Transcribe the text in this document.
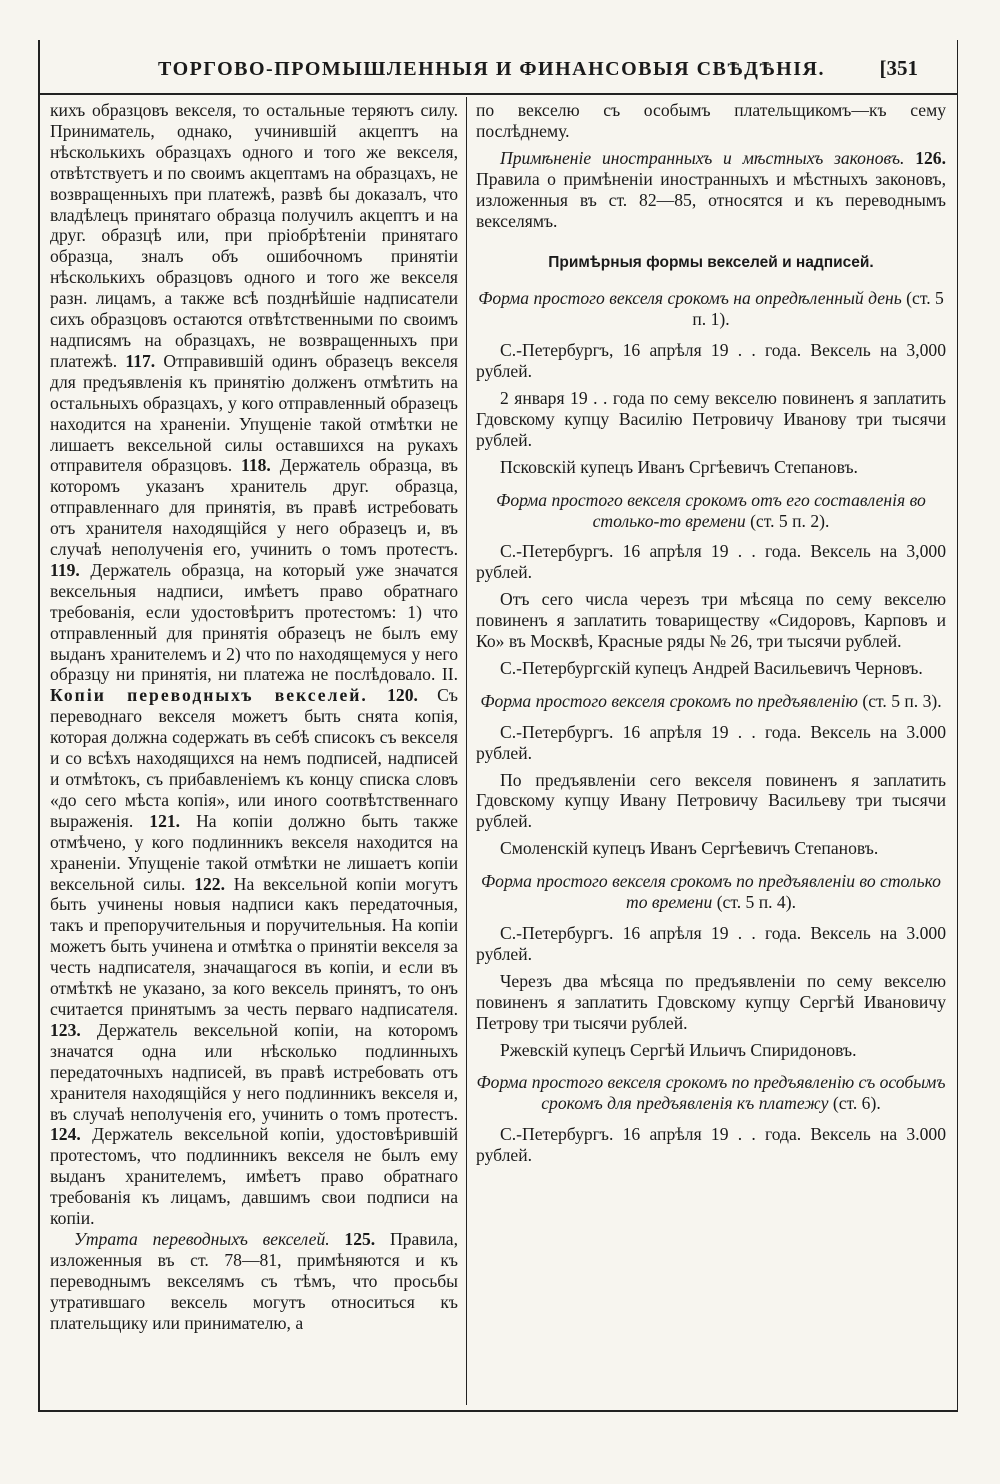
ТОРГОВО-ПРОМЫШЛЕННЫЯ И ФИНАНСОВЫЯ СВѢДѢНІЯ.	[351

кихъ образцовъ векселя, то остальные теряютъ силу. Приниматель, однако, учинившій акцептъ на нѣсколькихъ образцахъ одного и того же векселя, отвѣтствуетъ и по своимъ акцептамъ на образцахъ, не возвращенныхъ при платежѣ, развѣ бы доказалъ, что владѣлецъ принятаго образца получилъ акцептъ и на друг. образцѣ или, при пріобрѣтеніи принятаго образца, зналъ объ ошибочномъ принятіи нѣсколькихъ образцовъ одного и того же векселя разн. лицамъ, а также всѣ позднѣйшіе надписатели сихъ образцовъ остаются отвѣтственными по своимъ надписямъ на образцахъ, не возвращенныхъ при платежѣ. 117. Отправившій одинъ образецъ векселя для предъявленія къ принятію долженъ отмѣтить на остальныхъ образцахъ, у кого отправленный образецъ находится на храненіи. Упущеніе такой отмѣтки не лишаетъ вексельной силы оставшихся на рукахъ отправителя образцовъ. 118. Держатель образца, въ которомъ указанъ хранитель друг. образца, отправленнаго для принятія, въ правѣ истребовать отъ хранителя находящійся у него образецъ и, въ случаѣ неполученія его, учинить о томъ протестъ. 119. Держатель образца, на который уже значатся вексельныя надписи, имѣетъ право обратнаго требованія, если удостовѣритъ протестомъ: 1) что отправленный для принятія образецъ не былъ ему выданъ хранителемъ и 2) что по находящемуся у него образцу ни принятія, ни платежа не послѣдовало. II. Копіи переводныхъ векселей. 120. Съ переводнаго векселя можетъ быть снята копія, которая должна содержать въ себѣ списокъ съ векселя и со всѣхъ находящихся на немъ подписей, надписей и отмѣтокъ, съ прибавленіемъ къ концу списка словъ «до сего мѣста копія», или иного соотвѣтственнаго выраженія. 121. На копіи должно быть также отмѣчено, у кого подлинникъ векселя находится на храненіи. Упущеніе такой отмѣтки не лишаетъ копіи вексельной силы. 122. На вексельной копіи могутъ быть учинены новыя надписи какъ передаточныя, такъ и препоручительныя и поручительныя. На копіи можетъ быть учинена и отмѣтка о принятіи векселя за честь надписателя, значащагося въ копіи, и если въ отмѣткѣ не указано, за кого вексель принятъ, то онъ считается принятымъ за честь перваго надписателя. 123. Держатель вексельной копіи, на которомъ значатся одна или нѣсколько подлинныхъ передаточныхъ надписей, въ правѣ истребовать отъ хранителя находящійся у него подлинникъ векселя и, въ случаѣ неполученія его, учинить о томъ протестъ. 124. Держатель вексельной копіи, удостовѣрившій протестомъ, что подлинникъ векселя не былъ ему выданъ хранителемъ, имѣетъ право обратнаго требованія къ лицамъ, давшимъ свои подписи на копіи.

Утрата переводныхъ векселей. 125. Правила, изложенныя въ ст. 78—81, примѣняются и къ переводнымъ векселямъ съ тѣмъ, что просьбы утратившаго вексель могутъ относиться къ плательщику или принимателю, а

по векселю съ особымъ плательщикомъ—къ сему послѣднему.

Примѣненіе иностранныхъ и мѣстныхъ законовъ. 126. Правила о примѣненіи иностранныхъ и мѣстныхъ законовъ, изложенныя въ ст. 82—85, относятся и къ переводнымъ векселямъ.

Примѣрныя формы векселей и надписей.

Форма простого векселя срокомъ на опредѣленный день (ст. 5 п. 1).

С.-Петербургъ, 16 апрѣля 19 . . года. Вексель на 3,000 рублей.

2 января 19 . . года по сему векселю повиненъ я заплатить Гдовскому купцу Василію Петровичу Иванову три тысячи рублей.

Псковскій купецъ Иванъ Сргѣевичъ Степановъ.

Форма простого векселя срокомъ отъ его составленія во столько-то времени (ст. 5 п. 2).

С.-Петербургъ. 16 апрѣля 19 . . года. Вексель на 3,000 рублей.

Отъ сего числа черезъ три мѣсяца по сему векселю повиненъ я заплатить товариществу «Сидоровъ, Карповъ и Ко» въ Москвѣ, Красные ряды № 26, три тысячи рублей.

С.-Петербургскій купецъ Андрей Васильевичъ Черновъ.

Форма простого векселя срокомъ по предъявленію (ст. 5 п. 3).

С.-Петербургъ. 16 апрѣля 19 . . года. Вексель на 3.000 рублей.

По предъявленіи сего векселя повиненъ я заплатить Гдовскому купцу Ивану Петровичу Васильеву три тысячи рублей.

Смоленскій купецъ Иванъ Сергѣевичъ Степановъ.

Форма простого векселя срокомъ по предъявленіи во столько то времени (ст. 5 п. 4).

С.-Петербургъ. 16 апрѣля 19 . . года. Вексель на 3.000 рублей.

Черезъ два мѣсяца по предъявленіи по сему векселю повиненъ я заплатить Гдовскому купцу Сергѣй Ивановичу Петрову три тысячи рублей.

Ржевскій купецъ Сергѣй Ильичъ Спиридоновъ.

Форма простого векселя срокомъ по предъявленію съ особымъ срокомъ для предъявленія къ платежу (ст. 6).

С.-Петербургъ. 16 апрѣля 19 . . года. Вексель на 3.000 рублей.
